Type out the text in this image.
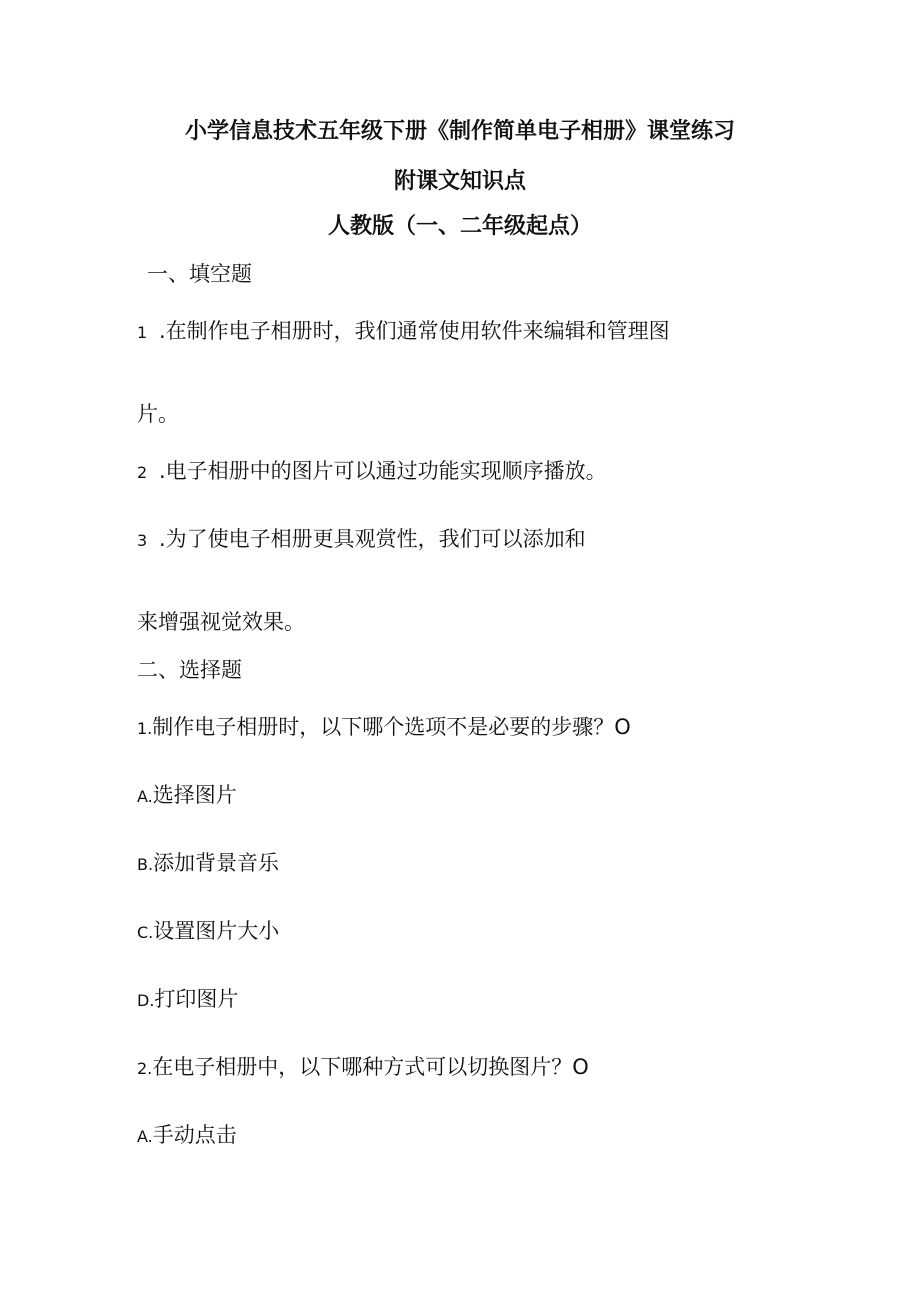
小学信息技术五年级下册《制作简单电子相册》课堂练习
附课文知识点
人教版（一、二年级起点）
一、填空题
1 .在制作电子相册时，我们通常使用软件来编辑和管理图
片。
2 .电子相册中的图片可以通过功能实现顺序播放。
3 .为了使电子相册更具观赏性，我们可以添加和
来增强视觉效果。
二、选择题
1.制作电子相册时，以下哪个选项不是必要的步骤？O
A.选择图片
B.添加背景音乐
C.设置图片大小
D.打印图片
2.在电子相册中，以下哪种方式可以切换图片？O
A.手动点击
